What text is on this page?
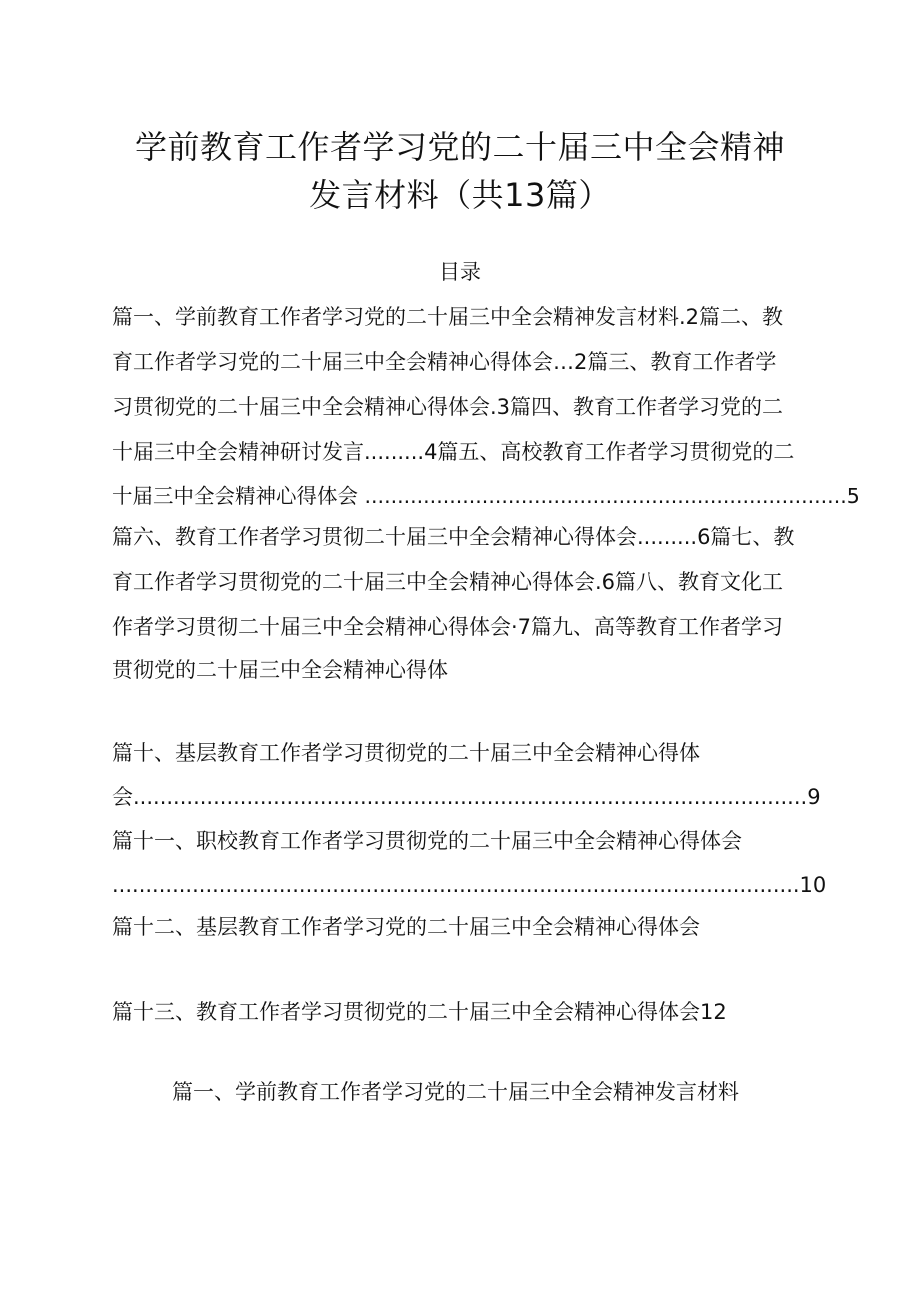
学前教育工作者学习党的二十届三中全会精神
发言材料（共13篇）
目录
篇一、学前教育工作者学习党的二十届三中全会精神发言材料.2篇二、教
育工作者学习党的二十届三中全会精神心得体会…2篇三、教育工作者学
习贯彻党的二十届三中全会精神心得体会.3篇四、教育工作者学习党的二
十届三中全会精神研讨发言.........4篇五、高校教育工作者学习贯彻党的二
十届三中全会精神心得体会 ..........................................................................5
篇六、教育工作者学习贯彻二十届三中全会精神心得体会.........6篇七、教
育工作者学习贯彻党的二十届三中全会精神心得体会.6篇八、教育文化工
作者学习贯彻二十届三中全会精神心得体会·7篇九、高等教育工作者学习
贯彻党的二十届三中全会精神心得体
篇十、基层教育工作者学习贯彻党的二十届三中全会精神心得体
会.....................................................................................................9
篇十一、职校教育工作者学习贯彻党的二十届三中全会精神心得体会
.......................................................................................................10
篇十二、基层教育工作者学习党的二十届三中全会精神心得体会
篇十三、教育工作者学习贯彻党的二十届三中全会精神心得体会12
篇一、学前教育工作者学习党的二十届三中全会精神发言材料
